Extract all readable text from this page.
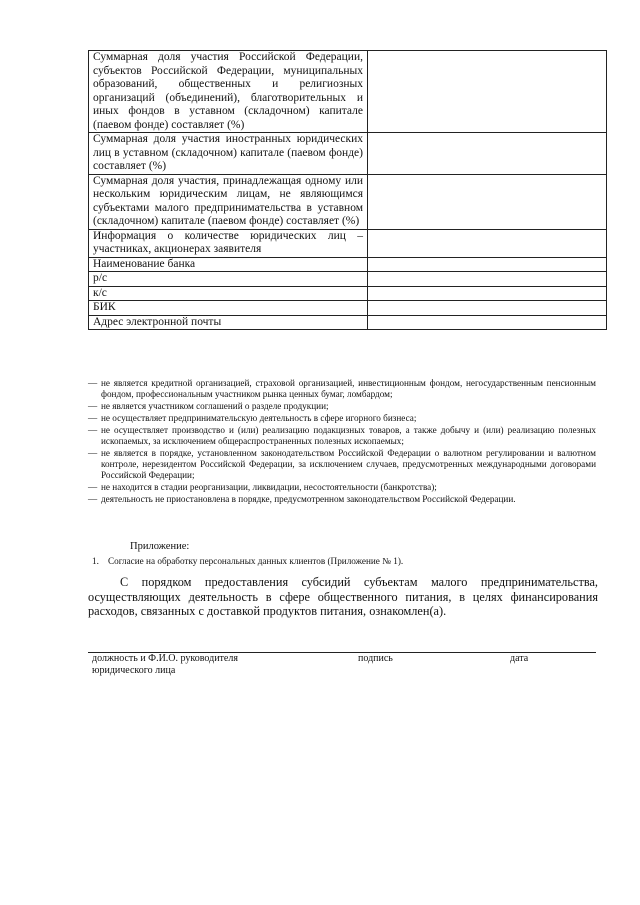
Суммарная доля участия Российской Федерации, субъектов Российской Федерации, муниципальных образований, общественных и религиозных организаций (объединений), благотворительных и иных фондов в уставном (складочном) капитале (паевом фонде) составляет (%)	
Суммарная доля участия иностранных юридических лиц в уставном (складочном) капитале (паевом фонде) составляет (%)	
Суммарная доля участия, принадлежащая одному или нескольким юридическим лицам, не являющимся субъектами малого предпринимательства в уставном (складочном) капитале (паевом фонде) составляет (%)	
Информация о количестве юридических лиц – участниках, акционерах заявителя	
Наименование банка	
р/с	
к/с	
БИК	
Адрес электронной почты	
— не является кредитной организацией, страховой организацией, инвестиционным фондом, негосударственным пенсионным фондом, профессиональным участником рынка ценных бумаг, ломбардом;
— не является участником соглашений о разделе продукции;
— не осуществляет предпринимательскую деятельность в сфере игорного бизнеса;
— не осуществляет производство и (или) реализацию подакцизных товаров, а также добычу и (или) реализацию полезных ископаемых, за исключением общераспространенных полезных ископаемых;
— не является в порядке, установленном законодательством Российской Федерации о валютном регулировании и валютном контроле, нерезидентом Российской Федерации, за исключением случаев, предусмотренных международными договорами Российской Федерации;
— не находится в стадии реорганизации, ликвидации, несостоятельности (банкротства);
— деятельность не приостановлена в порядке, предусмотренном законодательством Российской Федерации.
Приложение:
1. Согласие на обработку персональных данных клиентов (Приложение № 1).
С порядком предоставления субсидий субъектам малого предпринимательства, осуществляющих деятельность в сфере общественного питания, в целях финансирования расходов, связанных с доставкой продуктов питания, ознакомлен(а).
должность и Ф.И.О. руководителя юридического лица
подпись	дата
